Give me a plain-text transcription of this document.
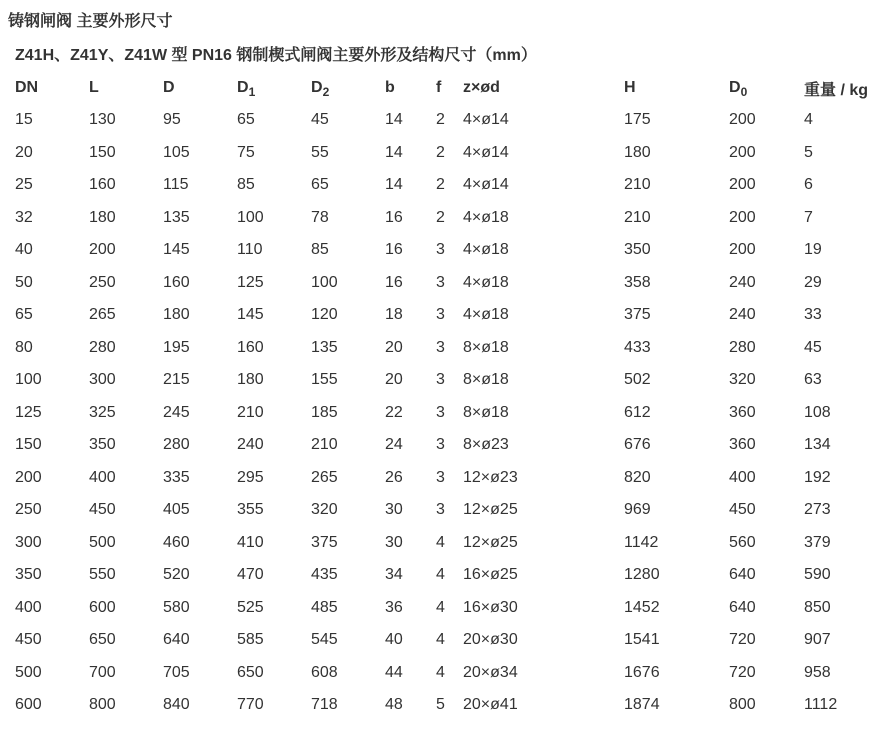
铸钢闸阀 主要外形尺寸
Z41H、Z41Y、Z41W 型 PN16 钢制楔式闸阀主要外形及结构尺寸（mm）
DN	L	D	$D_1$	$D_2$	b	f	z×ød	H	$D_0$	重量 / kg
15	130	95	65	45	14	2	4×ø14	175	200	4
20	150	105	75	55	14	2	4×ø14	180	200	5
25	160	115	85	65	14	2	4×ø14	210	200	6
32	180	135	100	78	16	2	4×ø18	210	200	7
40	200	145	110	85	16	3	4×ø18	350	200	19
50	250	160	125	100	16	3	4×ø18	358	240	29
65	265	180	145	120	18	3	4×ø18	375	240	33
80	280	195	160	135	20	3	8×ø18	433	280	45
100	300	215	180	155	20	3	8×ø18	502	320	63
125	325	245	210	185	22	3	8×ø18	612	360	108
150	350	280	240	210	24	3	8×ø23	676	360	134
200	400	335	295	265	26	3	12×ø23	820	400	192
250	450	405	355	320	30	3	12×ø25	969	450	273
300	500	460	410	375	30	4	12×ø25	1142	560	379
350	550	520	470	435	34	4	16×ø25	1280	640	590
400	600	580	525	485	36	4	16×ø30	1452	640	850
450	650	640	585	545	40	4	20×ø30	1541	720	907
500	700	705	650	608	44	4	20×ø34	1676	720	958
600	800	840	770	718	48	5	20×ø41	1874	800	1112
